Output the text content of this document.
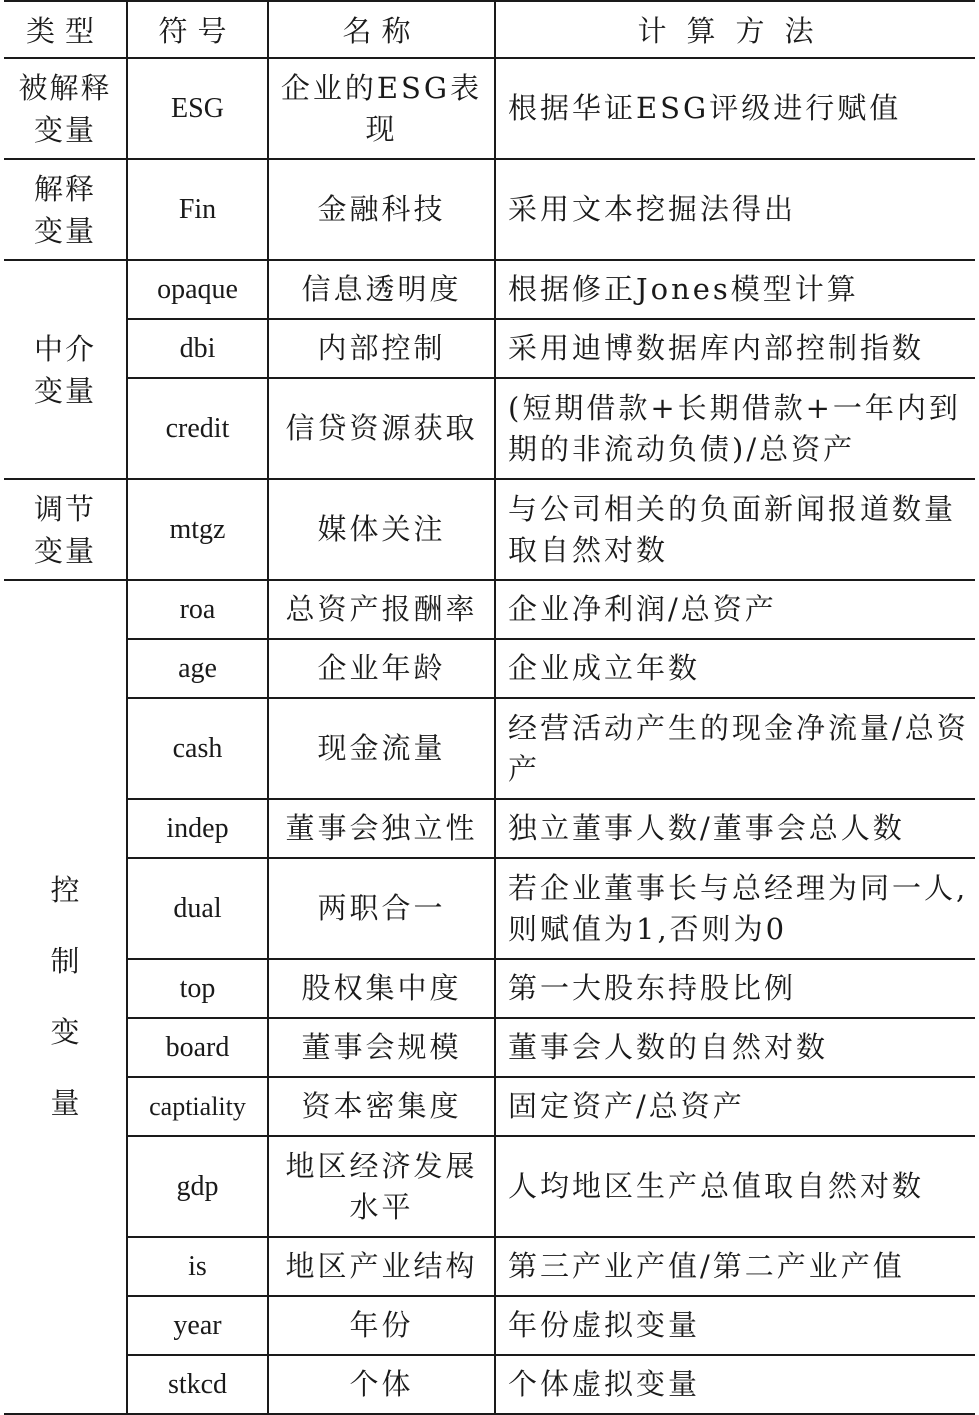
类型	符号	名称	计算方法

被解释
变量	ESG	企业的ESG表现	根据华证ESG评级进行赋值

解释
变量	Fin	金融科技	采用文本挖掘法得出

中介
变量	opaque	信息透明度	根据修正Jones模型计算
	dbi	内部控制	采用迪博数据库内部控制指数
	credit	信贷资源获取	(短期借款+长期借款+一年内到期的非流动负债)/总资产

调节
变量	mtgz	媒体关注	与公司相关的负面新闻报道数量取自然对数

控
制
变
量	roa	总资产报酬率	企业净利润/总资产
	age	企业年龄	企业成立年数
	cash	现金流量	经营活动产生的现金净流量/总资产
	indep	董事会独立性	独立董事人数/董事会总人数
	dual	两职合一	若企业董事长与总经理为同一人,则赋值为1,否则为0
	top	股权集中度	第一大股东持股比例
	board	董事会规模	董事会人数的自然对数
	captiality	资本密集度	固定资产/总资产
	gdp	地区经济发展水平	人均地区生产总值取自然对数
	is	地区产业结构	第三产业产值/第二产业产值
	year	年份	年份虚拟变量
	stkcd	个体	个体虚拟变量
